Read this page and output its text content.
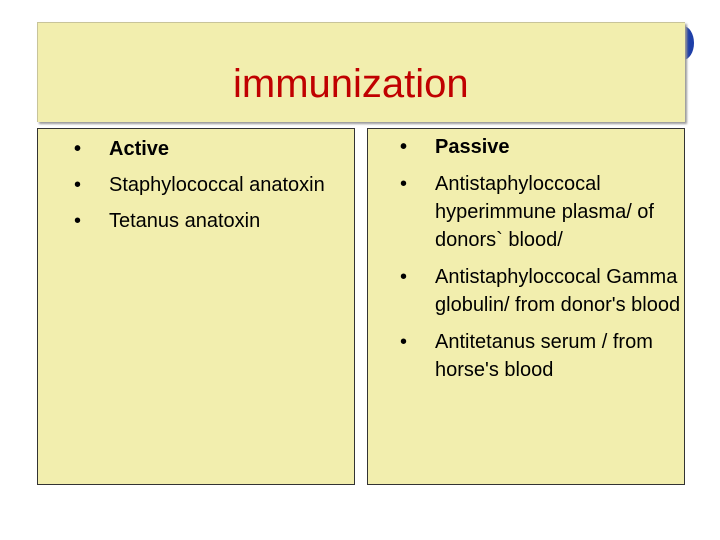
immunization
•	Active
•	Staphylococcal anatoxin
•	Tetanus anatoxin
•	Passive
•	Antistaphyloccocal hyperimmune plasma/ of donors` blood/
•	Antistaphyloccocal Gamma globulin/ from donor's blood
•	Antitetanus serum / from horse's blood
